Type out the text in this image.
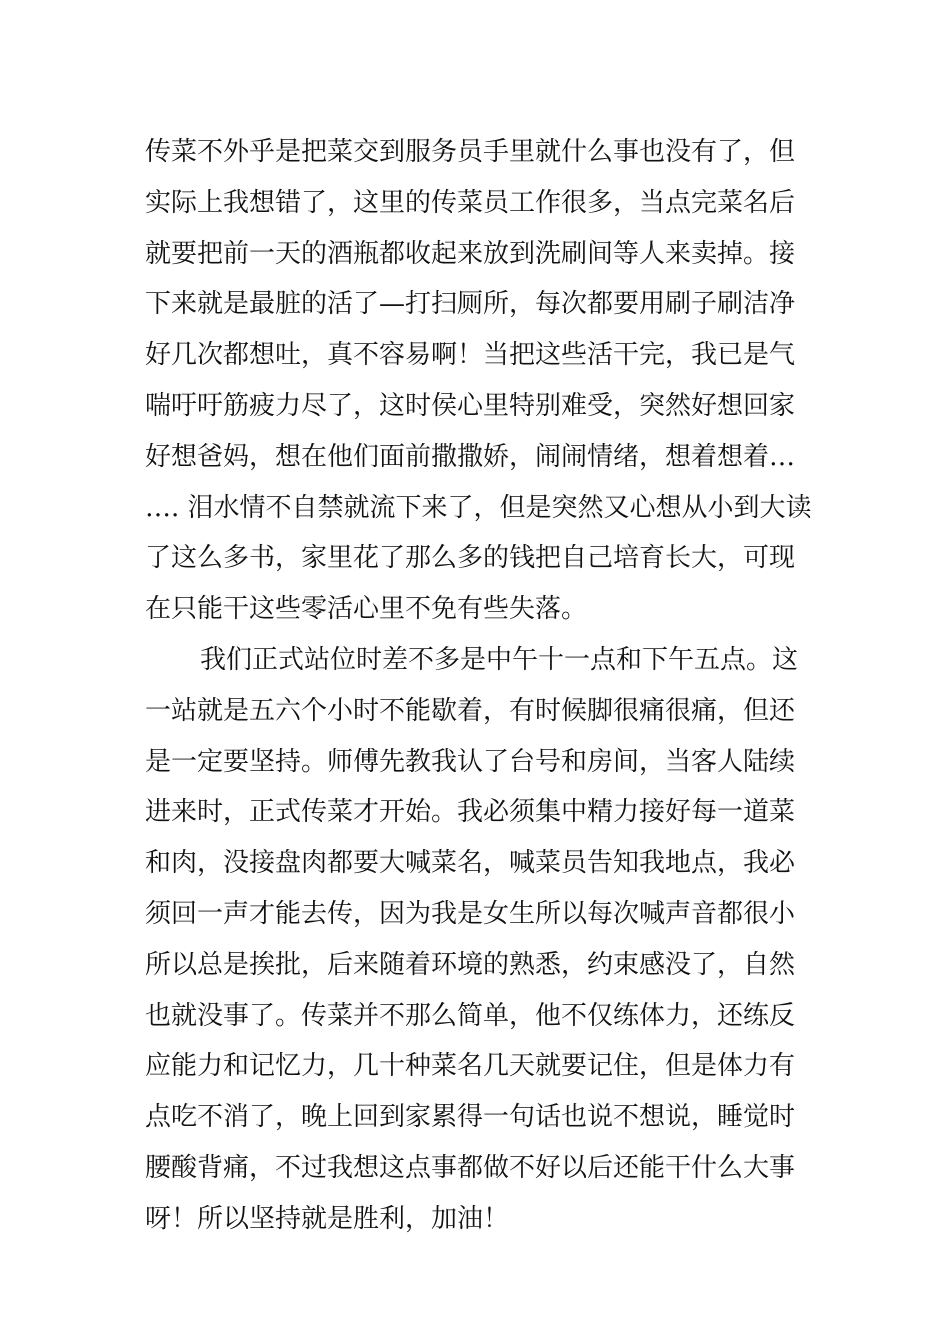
传菜不外乎是把菜交到服务员手里就什么事也没有了，但
实际上我想错了，这里的传菜员工作很多，当点完菜名后
就要把前一天的酒瓶都收起来放到洗刷间等人来卖掉。接
下来就是最脏的活了—打扫厕所，每次都要用刷子刷洁净
好几次都想吐，真不容易啊！当把这些活干完，我已是气
喘吁吁筋疲力尽了，这时侯心里特别难受，突然好想回家
好想爸妈，想在他们面前撒撒娇，闹闹情绪，想着想着…
…. 泪水情不自禁就流下来了，但是突然又心想从小到大读
了这么多书，家里花了那么多的钱把自己培育长大，可现
在只能干这些零活心里不免有些失落。
我们正式站位时差不多是中午十一点和下午五点。这
一站就是五六个小时不能歇着，有时候脚很痛很痛，但还
是一定要坚持。师傅先教我认了台号和房间，当客人陆续
进来时，正式传菜才开始。我必须集中精力接好每一道菜
和肉，没接盘肉都要大喊菜名，喊菜员告知我地点，我必
须回一声才能去传，因为我是女生所以每次喊声音都很小
所以总是挨批，后来随着环境的熟悉，约束感没了，自然
也就没事了。传菜并不那么简单，他不仅练体力，还练反
应能力和记忆力，几十种菜名几天就要记住，但是体力有
点吃不消了，晚上回到家累得一句话也说不想说，睡觉时
腰酸背痛，不过我想这点事都做不好以后还能干什么大事
呀！所以坚持就是胜利，加油！
